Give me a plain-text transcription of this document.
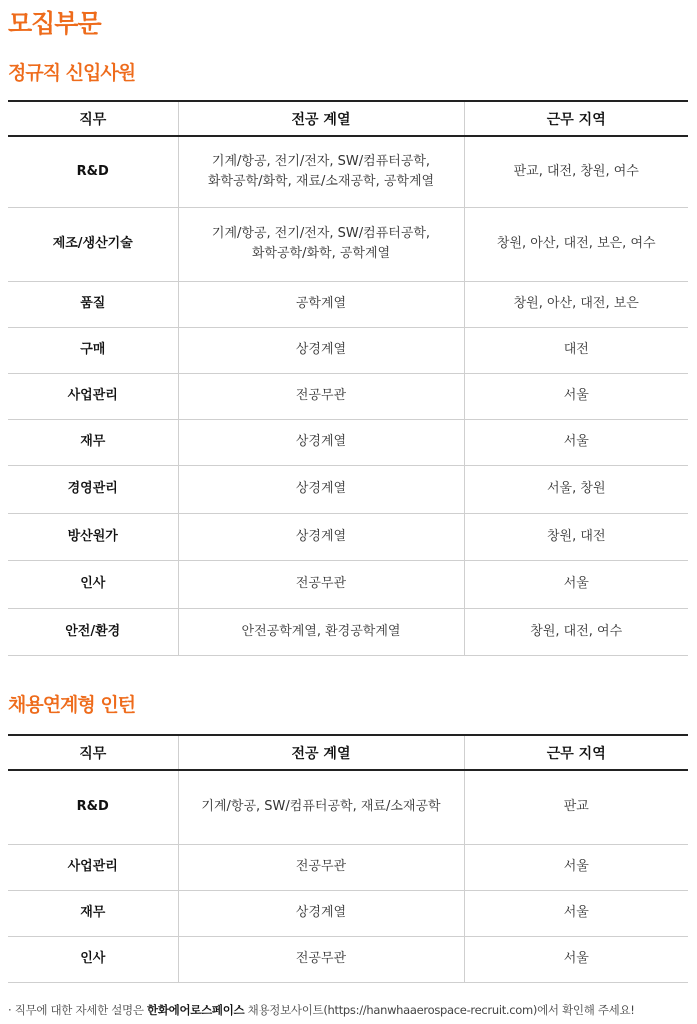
모집부문
정규직 신입사원
직무	전공 계열	근무 지역
R&D	기계/항공, 전기/전자, SW/컴퓨터공학,
화학공학/화학, 재료/소재공학, 공학계열	판교, 대전, 창원, 여수
제조/생산기술	기계/항공, 전기/전자, SW/컴퓨터공학,
화학공학/화학, 공학계열	창원, 아산, 대전, 보은, 여수
품질	공학계열	창원, 아산, 대전, 보은
구매	상경계열	대전
사업관리	전공무관	서울
재무	상경계열	서울
경영관리	상경계열	서울, 창원
방산원가	상경계열	창원, 대전
인사	전공무관	서울
안전/환경	안전공학계열, 환경공학계열	창원, 대전, 여수
채용연계형 인턴
직무	전공 계열	근무 지역
R&D	기계/항공, SW/컴퓨터공학, 재료/소재공학	판교
사업관리	전공무관	서울
재무	상경계열	서울
인사	전공무관	서울
· 직무에 대한 자세한 설명은 한화에어로스페이스 채용정보사이트(https://hanwhaaerospace-recruit.com)에서 확인해 주세요!
